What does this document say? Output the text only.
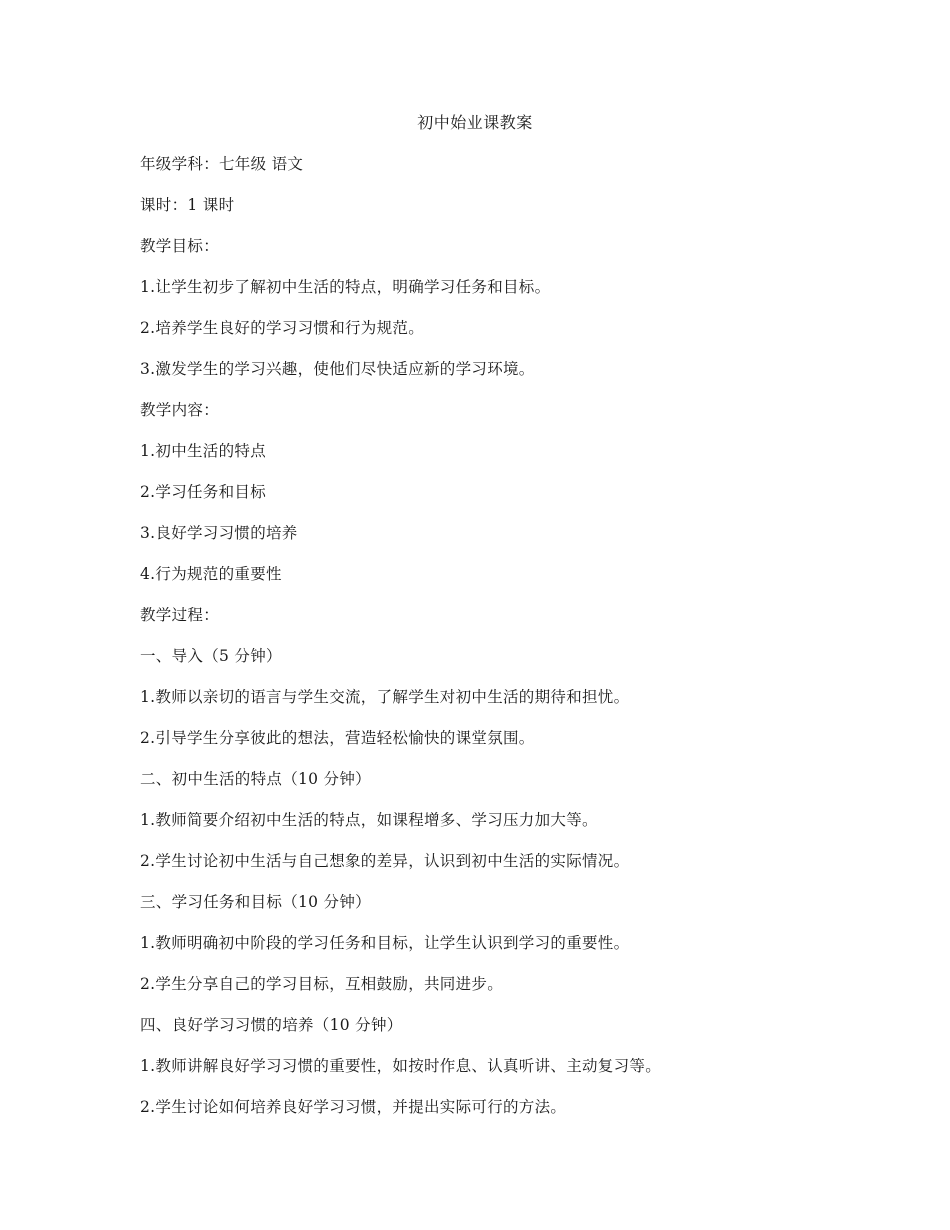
初中始业课教案
年级学科：七年级 语文
课时：1 课时
教学目标：
1.让学生初步了解初中生活的特点，明确学习任务和目标。
2.培养学生良好的学习习惯和行为规范。
3.激发学生的学习兴趣，使他们尽快适应新的学习环境。
教学内容：
1.初中生活的特点
2.学习任务和目标
3.良好学习习惯的培养
4.行为规范的重要性
教学过程：
一、导入（5 分钟）
1.教师以亲切的语言与学生交流，了解学生对初中生活的期待和担忧。
2.引导学生分享彼此的想法，营造轻松愉快的课堂氛围。
二、初中生活的特点（10 分钟）
1.教师简要介绍初中生活的特点，如课程增多、学习压力加大等。
2.学生讨论初中生活与自己想象的差异，认识到初中生活的实际情况。
三、学习任务和目标（10 分钟）
1.教师明确初中阶段的学习任务和目标，让学生认识到学习的重要性。
2.学生分享自己的学习目标，互相鼓励，共同进步。
四、良好学习习惯的培养（10 分钟）
1.教师讲解良好学习习惯的重要性，如按时作息、认真听讲、主动复习等。
2.学生讨论如何培养良好学习习惯，并提出实际可行的方法。
